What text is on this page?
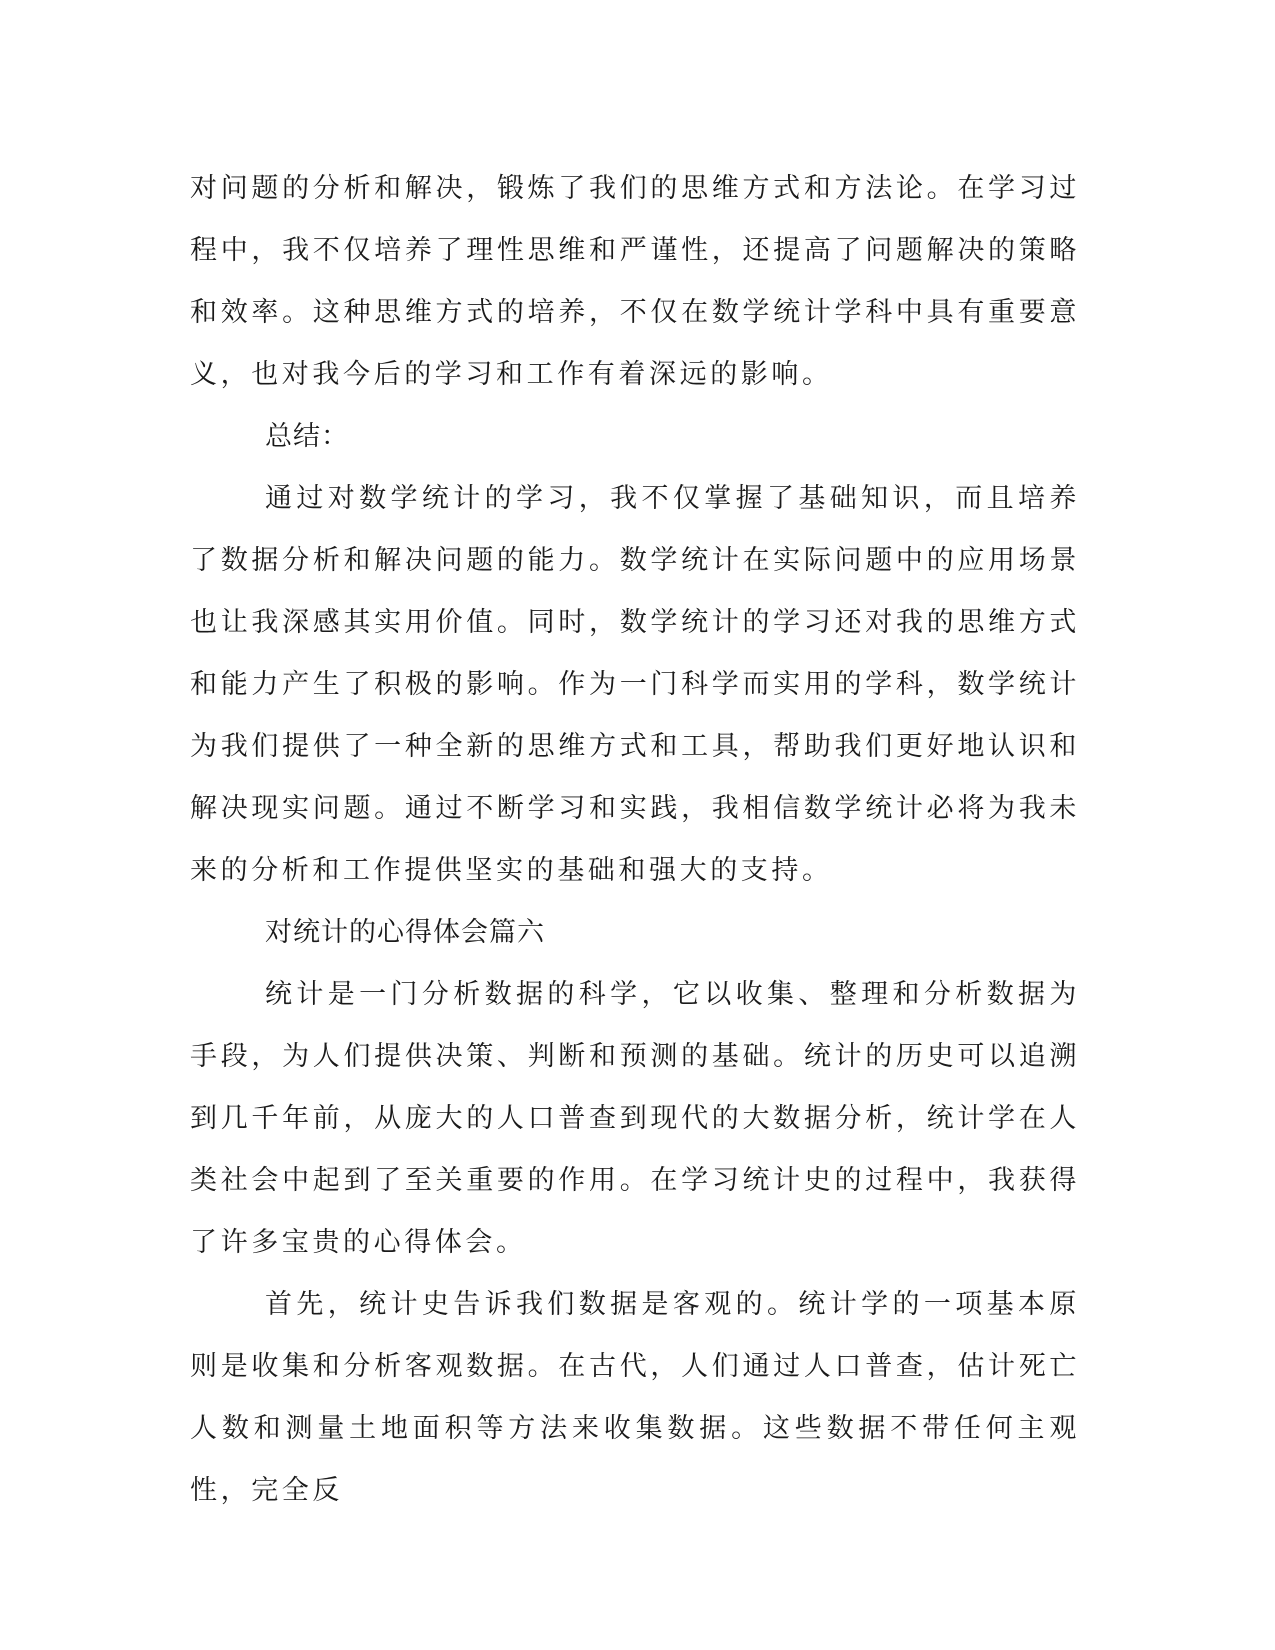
对问题的分析和解决，锻炼了我们的思维方式和方法论。在学习过程中，我不仅培养了理性思维和严谨性，还提高了问题解决的策略和效率。这种思维方式的培养，不仅在数学统计学科中具有重要意义，也对我今后的学习和工作有着深远的影响。

总结：

通过对数学统计的学习，我不仅掌握了基础知识，而且培养了数据分析和解决问题的能力。数学统计在实际问题中的应用场景也让我深感其实用价值。同时，数学统计的学习还对我的思维方式和能力产生了积极的影响。作为一门科学而实用的学科，数学统计为我们提供了一种全新的思维方式和工具，帮助我们更好地认识和解决现实问题。通过不断学习和实践，我相信数学统计必将为我未来的分析和工作提供坚实的基础和强大的支持。

对统计的心得体会篇六

统计是一门分析数据的科学，它以收集、整理和分析数据为手段，为人们提供决策、判断和预测的基础。统计的历史可以追溯到几千年前，从庞大的人口普查到现代的大数据分析，统计学在人类社会中起到了至关重要的作用。在学习统计史的过程中，我获得了许多宝贵的心得体会。

首先，统计史告诉我们数据是客观的。统计学的一项基本原则是收集和分析客观数据。在古代，人们通过人口普查，估计死亡人数和测量土地面积等方法来收集数据。这些数据不带任何主观性，完全反
